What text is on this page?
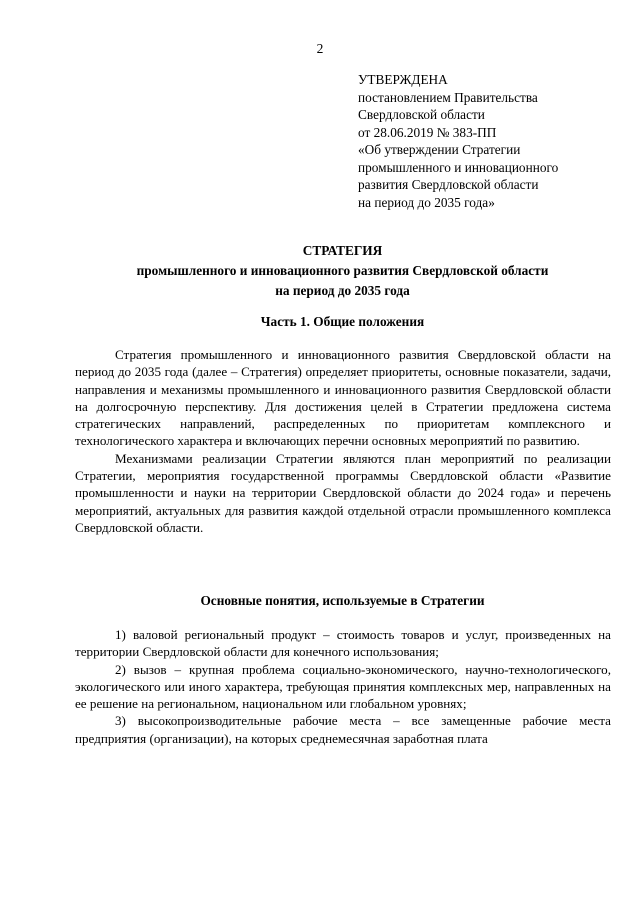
2
УТВЕРЖДЕНА
постановлением Правительства
Свердловской области
от 28.06.2019 № 383-ПП
«Об утверждении Стратегии
промышленного и инновационного
развития Свердловской области
на период до 2035 года»
СТРАТЕГИЯ
промышленного и инновационного развития Свердловской области
на период до 2035 года
Часть 1. Общие положения

Стратегия промышленного и инновационного развития Свердловской области на период до 2035 года (далее – Стратегия) определяет приоритеты, основные показатели, задачи, направления и механизмы промышленного и инновационного развития Свердловской области на долгосрочную перспективу. Для достижения целей в Стратегии предложена система стратегических направлений, распределенных по приоритетам комплексного и технологического характера и включающих перечни основных мероприятий по развитию.

Механизмами реализации Стратегии являются план мероприятий по реализации Стратегии, мероприятия государственной программы Свердловской области «Развитие промышленности и науки на территории Свердловской области до 2024 года» и перечень мероприятий, актуальных для развития каждой отдельной отрасли промышленного комплекса Свердловской области.

Основные понятия, используемые в Стратегии

1) валовой региональный продукт – стоимость товаров и услуг, произведенных на территории Свердловской области для конечного использования;

2) вызов – крупная проблема социально-экономического, научно-технологического, экологического или иного характера, требующая принятия комплексных мер, направленных на ее решение на региональном, национальном или глобальном уровнях;

3) высокопроизводительные рабочие места – все замещенные рабочие места предприятия (организации), на которых среднемесячная заработная плата
